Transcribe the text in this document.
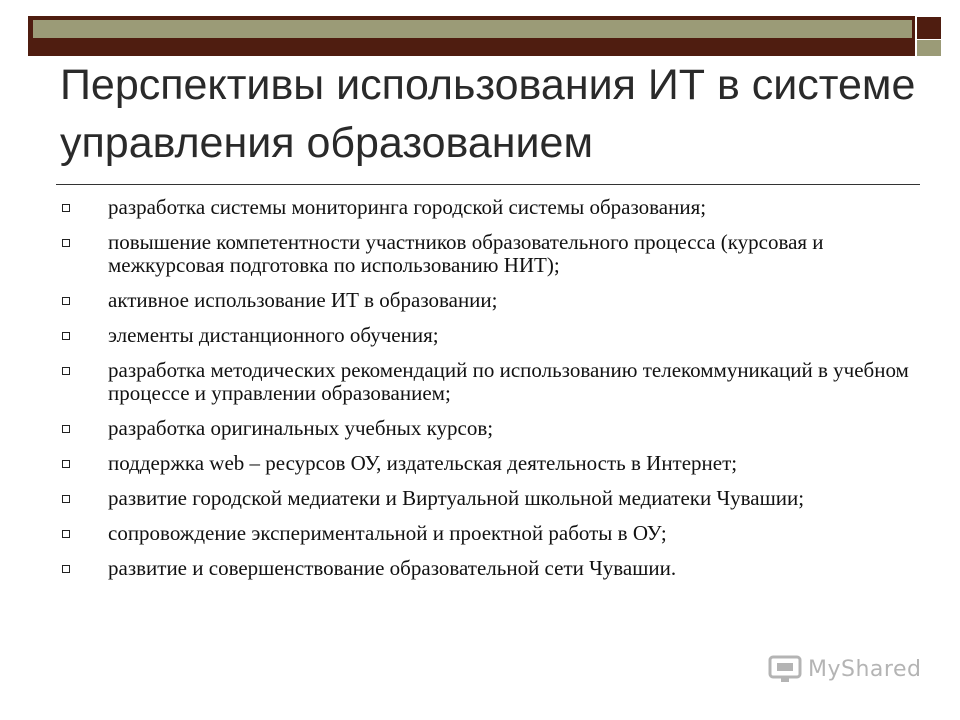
Перспективы использования ИТ в системе управления образованием
разработка системы мониторинга городской системы образования;
повышение компетентности участников образовательного процесса (курсовая и межкурсовая подготовка по использованию НИТ);
активное использование ИТ в образовании;
элементы дистанционного обучения;
разработка методических рекомендаций по использованию телекоммуникаций в учебном процессе и управлении образованием;
разработка оригинальных учебных курсов;
поддержка web – ресурсов ОУ, издательская деятельность в Интернет;
развитие городской медиатеки и Виртуальной школьной медиатеки Чувашии;
сопровождение экспериментальной и проектной работы в ОУ;
развитие и совершенствование образовательной сети Чувашии.
MyShared
